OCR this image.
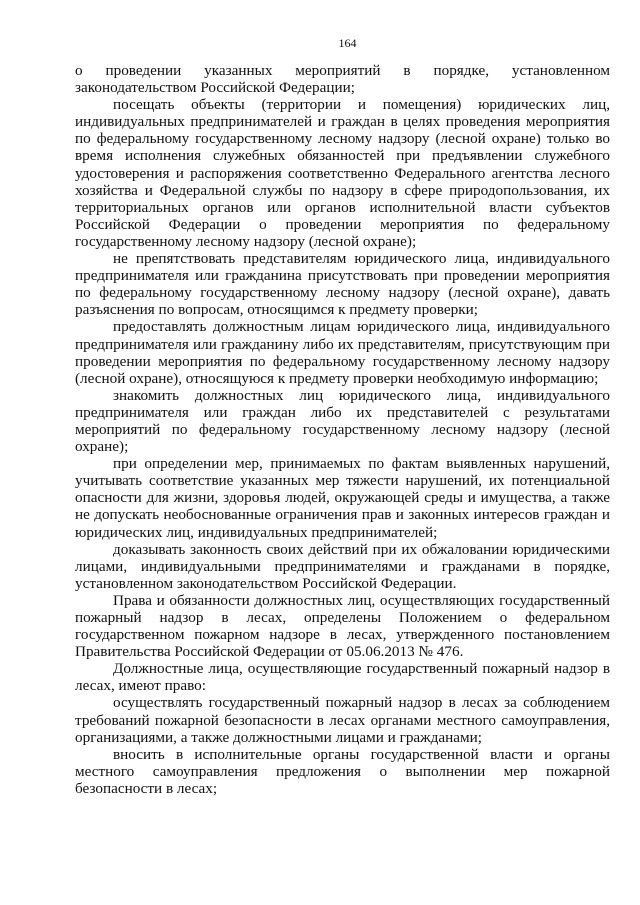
164

о проведении указанных мероприятий в порядке, установленном законодательством Российской Федерации;

посещать объекты (территории и помещения) юридических лиц, индивидуальных предпринимателей и граждан в целях проведения мероприятия по федеральному государственному лесному надзору (лесной охране) только во время исполнения служебных обязанностей при предъявлении служебного удостоверения и распоряжения соответственно Федерального агентства лесного хозяйства и Федеральной службы по надзору в сфере природопользования, их территориальных органов или органов исполнительной власти субъектов Российской Федерации о проведении мероприятия по федеральному государственному лесному надзору (лесной охране);

не препятствовать представителям юридического лица, индивидуального предпринимателя или гражданина присутствовать при проведении мероприятия по федеральному государственному лесному надзору (лесной охране), давать разъяснения по вопросам, относящимся к предмету проверки;

предоставлять должностным лицам юридического лица, индивидуального предпринимателя или гражданину либо их представителям, присутствующим при проведении мероприятия по федеральному государственному лесному надзору (лесной охране), относящуюся к предмету проверки необходимую информацию;

знакомить должностных лиц юридического лица, индивидуального предпринимателя или граждан либо их представителей с результатами мероприятий по федеральному государственному лесному надзору (лесной охране);

при определении мер, принимаемых по фактам выявленных нарушений, учитывать соответствие указанных мер тяжести нарушений, их потенциальной опасности для жизни, здоровья людей, окружающей среды и имущества, а также не допускать необоснованные ограничения прав и законных интересов граждан и юридических лиц, индивидуальных предпринимателей;

доказывать законность своих действий при их обжаловании юридическими лицами, индивидуальными предпринимателями и гражданами в порядке, установленном законодательством Российской Федерации.

Права и обязанности должностных лиц, осуществляющих государственный пожарный надзор в лесах, определены Положением о федеральном государственном пожарном надзоре в лесах, утвержденного постановлением Правительства Российской Федерации от 05.06.2013 № 476.

Должностные лица, осуществляющие государственный пожарный надзор в лесах, имеют право:

осуществлять государственный пожарный надзор в лесах за соблюдением требований пожарной безопасности в лесах органами местного самоуправления, организациями, а также должностными лицами и гражданами;

вносить в исполнительные органы государственной власти и органы местного самоуправления предложения о выполнении мер пожарной безопасности в лесах;
